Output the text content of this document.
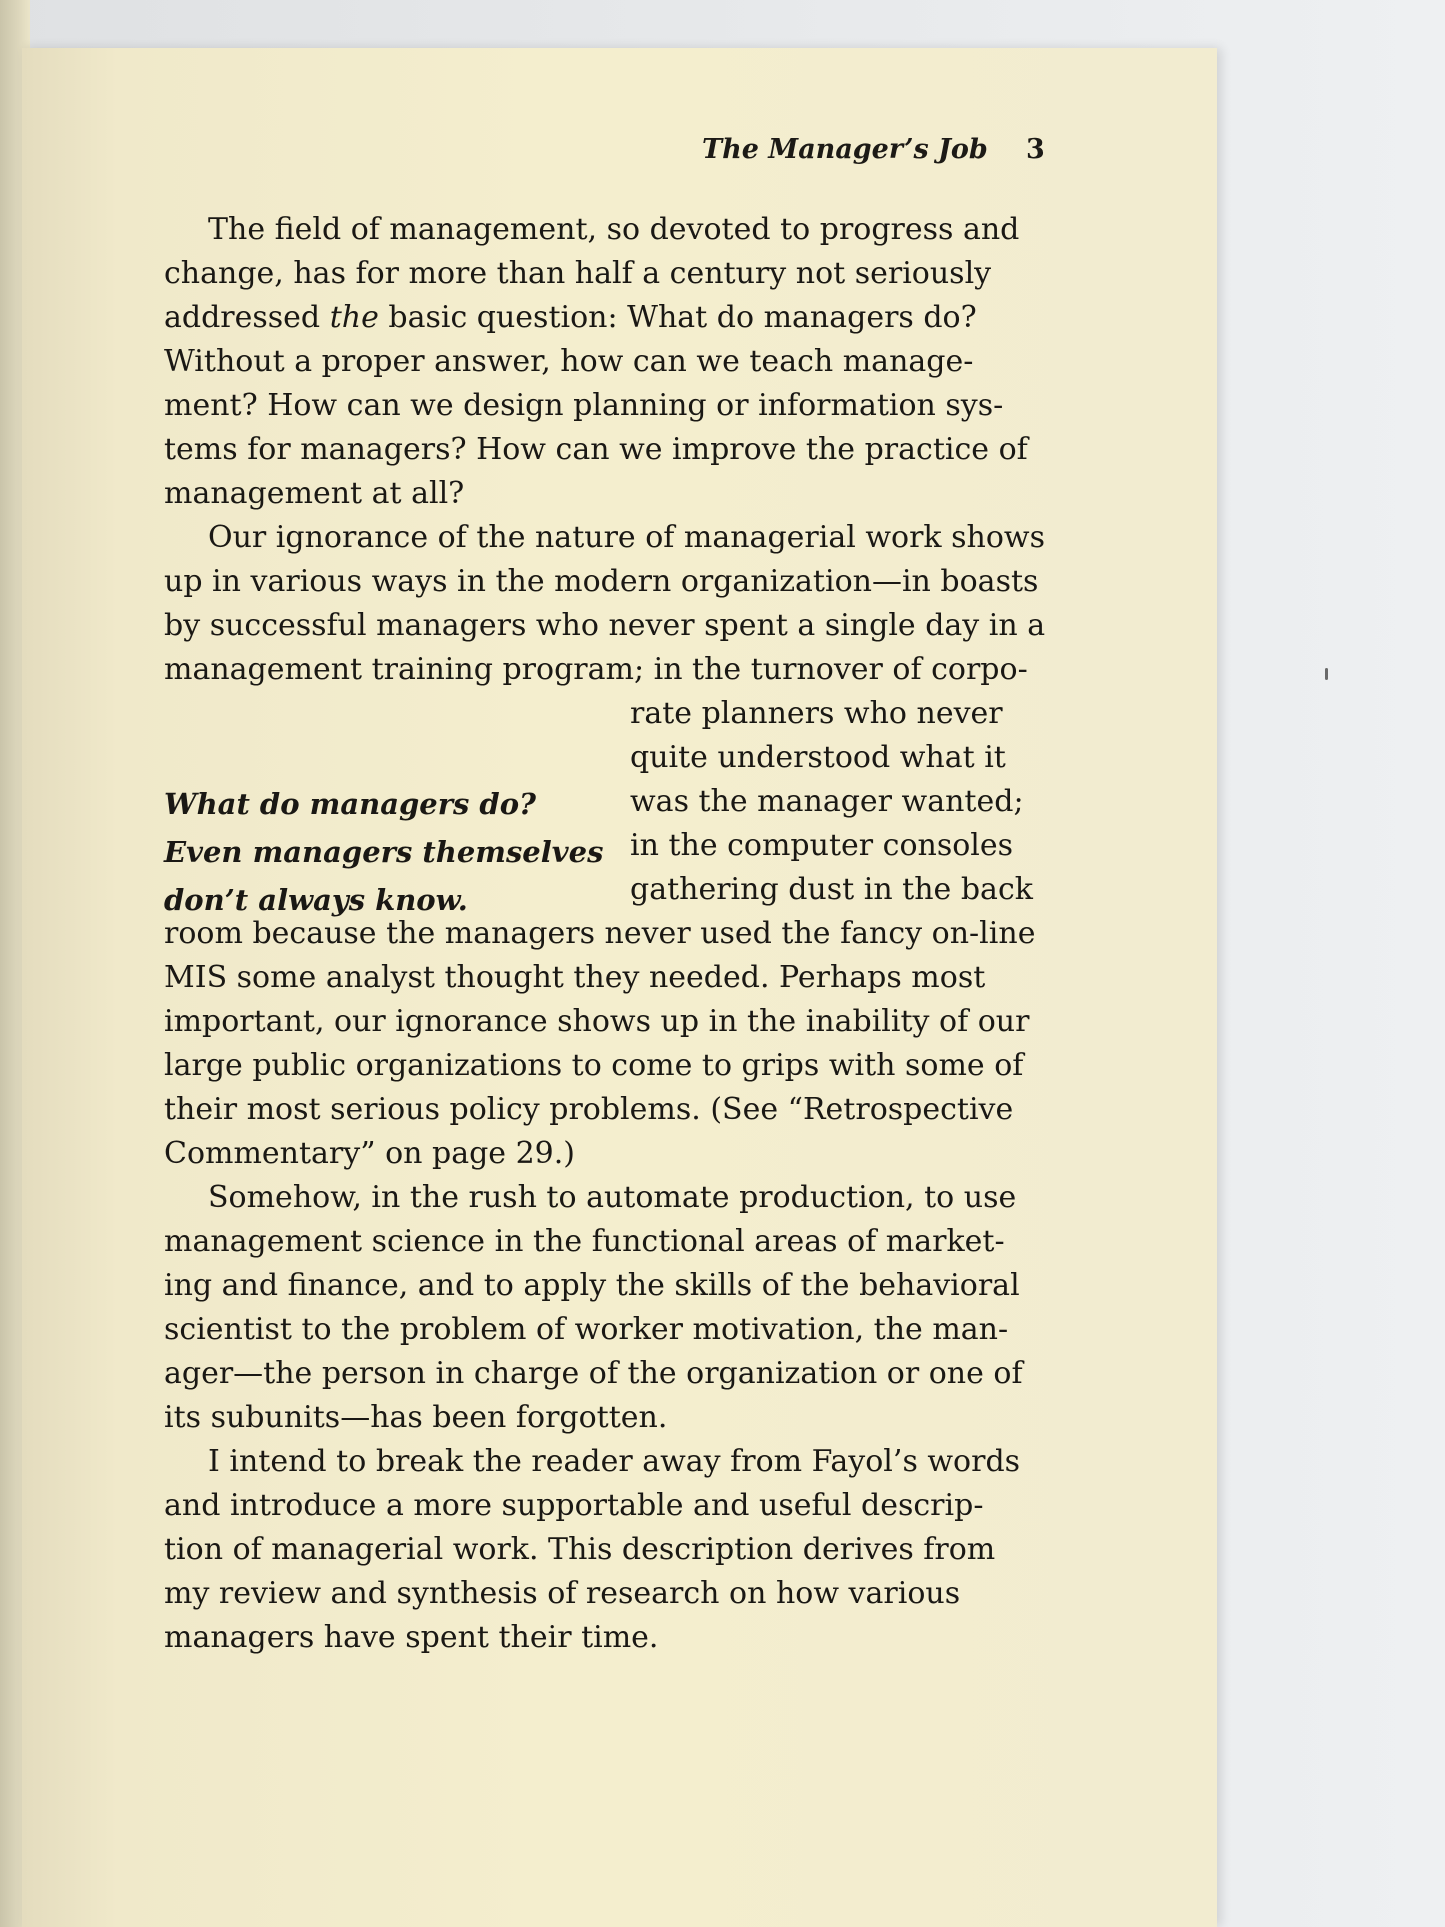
The Manager’s Job 3
The field of management, so devoted to progress and
change, has for more than half a century not seriously
addressed the basic question: What do managers do?
Without a proper answer, how can we teach manage-
ment? How can we design planning or information sys-
tems for managers? How can we improve the practice of
management at all?
Our ignorance of the nature of managerial work shows
up in various ways in the modern organization—in boasts
by successful managers who never spent a single day in a
management training program; in the turnover of corpo-
rate planners who never
quite understood what it
was the manager wanted;
in the computer consoles
gathering dust in the back
room because the managers never used the fancy on-line
MIS some analyst thought they needed. Perhaps most
important, our ignorance shows up in the inability of our
large public organizations to come to grips with some of
their most serious policy problems. (See “Retrospective
Commentary” on page 29.)
Somehow, in the rush to automate production, to use
management science in the functional areas of market-
ing and finance, and to apply the skills of the behavioral
scientist to the problem of worker motivation, the man-
ager—the person in charge of the organization or one of
its subunits—has been forgotten.
I intend to break the reader away from Fayol’s words
and introduce a more supportable and useful descrip-
tion of managerial work. This description derives from
my review and synthesis of research on how various
managers have spent their time.
What do managers do?
Even managers themselves
don’t always know.
